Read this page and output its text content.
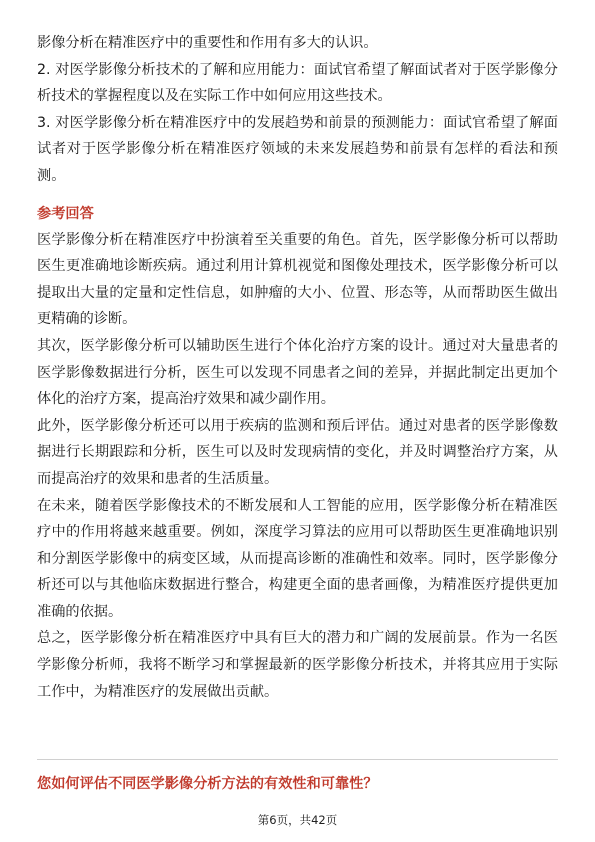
影像分析在精准医疗中的重要性和作用有多大的认识。

2. 对医学影像分析技术的了解和应用能力：面试官希望了解面试者对于医学影像分析技术的掌握程度以及在实际工作中如何应用这些技术。

3. 对医学影像分析在精准医疗中的发展趋势和前景的预测能力：面试官希望了解面试者对于医学影像分析在精准医疗领域的未来发展趋势和前景有怎样的看法和预测。

参考回答

医学影像分析在精准医疗中扮演着至关重要的角色。首先，医学影像分析可以帮助医生更准确地诊断疾病。通过利用计算机视觉和图像处理技术，医学影像分析可以提取出大量的定量和定性信息，如肿瘤的大小、位置、形态等，从而帮助医生做出更精确的诊断。

其次，医学影像分析可以辅助医生进行个体化治疗方案的设计。通过对大量患者的医学影像数据进行分析，医生可以发现不同患者之间的差异，并据此制定出更加个体化的治疗方案，提高治疗效果和减少副作用。

此外，医学影像分析还可以用于疾病的监测和预后评估。通过对患者的医学影像数据进行长期跟踪和分析，医生可以及时发现病情的变化，并及时调整治疗方案，从而提高治疗的效果和患者的生活质量。

在未来，随着医学影像技术的不断发展和人工智能的应用，医学影像分析在精准医疗中的作用将越来越重要。例如，深度学习算法的应用可以帮助医生更准确地识别和分割医学影像中的病变区域，从而提高诊断的准确性和效率。同时，医学影像分析还可以与其他临床数据进行整合，构建更全面的患者画像，为精准医疗提供更加准确的依据。

总之，医学影像分析在精准医疗中具有巨大的潜力和广阔的发展前景。作为一名医学影像分析师，我将不断学习和掌握最新的医学影像分析技术，并将其应用于实际工作中，为精准医疗的发展做出贡献。

您如何评估不同医学影像分析方法的有效性和可靠性？
第6页，共42页
